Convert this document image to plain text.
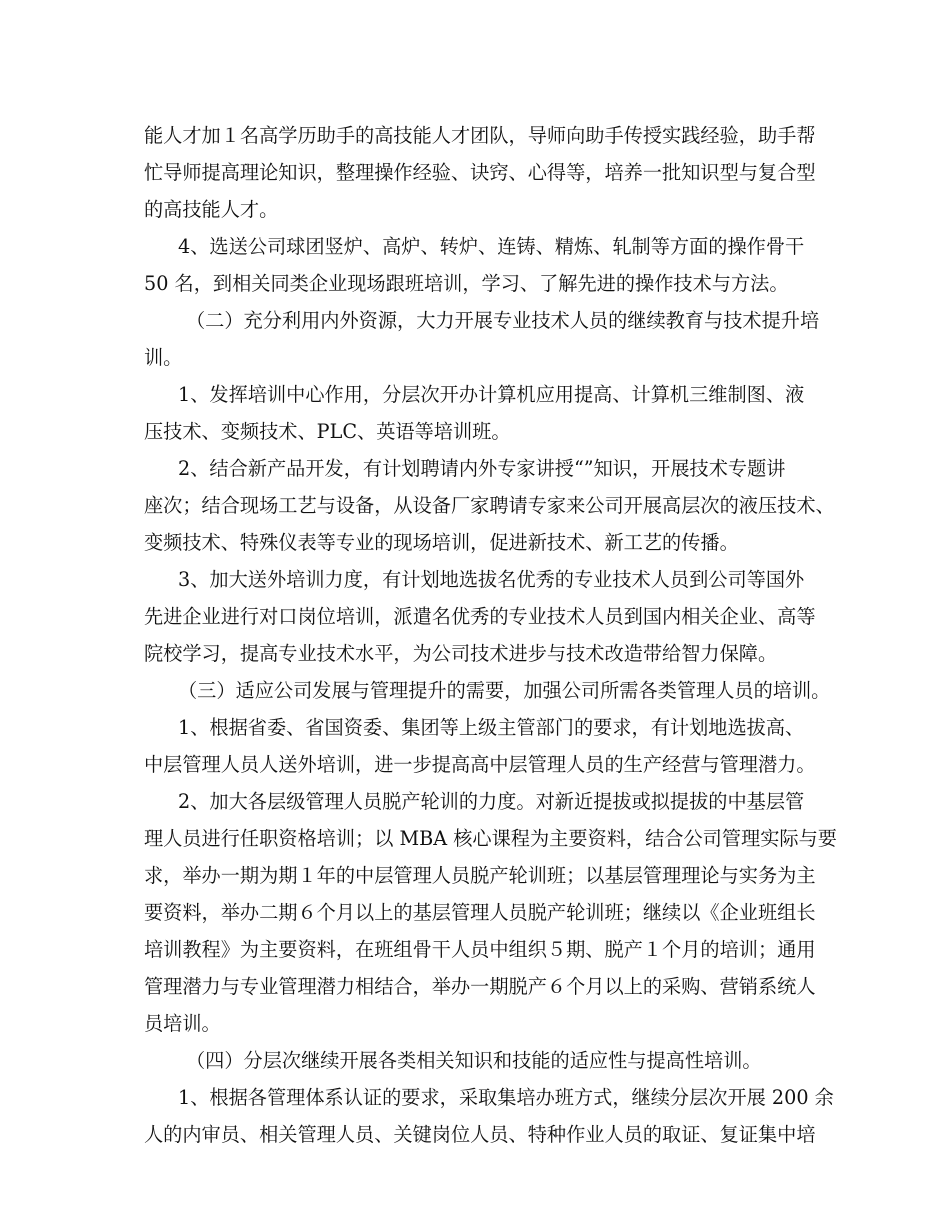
能人才加１名高学历助手的高技能人才团队，导师向助手传授实践经验，助手帮
忙导师提高理论知识，整理操作经验、诀窍、心得等，培养一批知识型与复合型
的高技能人才。
4、选送公司球团竖炉、高炉、转炉、连铸、精炼、轧制等方面的操作骨干
50 名，到相关同类企业现场跟班培训，学习、了解先进的操作技术与方法。
（二）充分利用内外资源，大力开展专业技术人员的继续教育与技术提升培
训。
1、发挥培训中心作用，分层次开办计算机应用提高、计算机三维制图、液
压技术、变频技术、PLC、英语等培训班。
2、结合新产品开发，有计划聘请内外专家讲授“”知识，开展技术专题讲
座次；结合现场工艺与设备，从设备厂家聘请专家来公司开展高层次的液压技术、
变频技术、特殊仪表等专业的现场培训，促进新技术、新工艺的传播。
3、加大送外培训力度，有计划地选拔名优秀的专业技术人员到公司等国外
先进企业进行对口岗位培训，派遣名优秀的专业技术人员到国内相关企业、高等
院校学习，提高专业技术水平，为公司技术进步与技术改造带给智力保障。
（三）适应公司发展与管理提升的需要，加强公司所需各类管理人员的培训。
1、根据省委、省国资委、集团等上级主管部门的要求，有计划地选拔高、
中层管理人员人送外培训，进一步提高高中层管理人员的生产经营与管理潜力。
2、加大各层级管理人员脱产轮训的力度。对新近提拔或拟提拔的中基层管
理人员进行任职资格培训；以 MBA 核心课程为主要资料，结合公司管理实际与要
求，举办一期为期１年的中层管理人员脱产轮训班；以基层管理理论与实务为主
要资料，举办二期６个月以上的基层管理人员脱产轮训班；继续以《企业班组长
培训教程》为主要资料，在班组骨干人员中组织５期、脱产１个月的培训；通用
管理潜力与专业管理潜力相结合，举办一期脱产６个月以上的采购、营销系统人
员培训。
（四）分层次继续开展各类相关知识和技能的适应性与提高性培训。
1、根据各管理体系认证的要求，采取集培办班方式，继续分层次开展 200 余
人的内审员、相关管理人员、关键岗位人员、特种作业人员的取证、复证集中培
